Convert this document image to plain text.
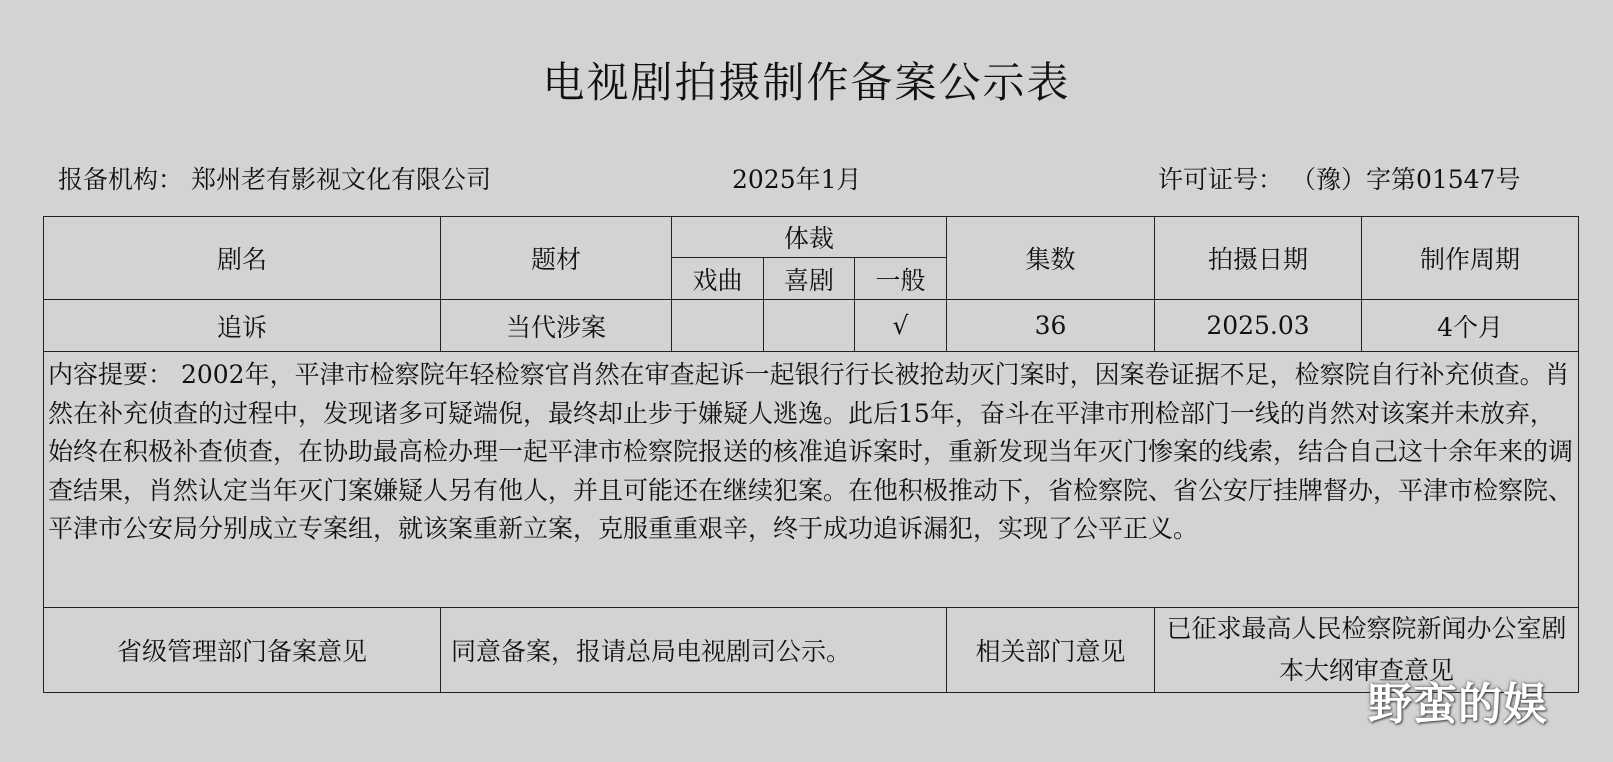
电视剧拍摄制作备案公示表
报备机构： 郑州老有影视文化有限公司	2025年1月	许可证号： （豫）字第01547号
剧名	题材	体裁			集数	拍摄日期	制作周期
		戏曲	喜剧	一般			
追诉	当代涉案			√	36	2025.03	4个月
内容提要： 2002年，平津市检察院年轻检察官肖然在审查起诉一起银行行长被抢劫灭门案时，因案卷证据不足，检察院自行补充侦查。肖然在补充侦查的过程中，发现诸多可疑端倪，最终却止步于嫌疑人逃逸。此后15年，奋斗在平津市刑检部门一线的肖然对该案并未放弃，始终在积极补查侦查，在协助最高检办理一起平津市检察院报送的核准追诉案时，重新发现当年灭门惨案的线索，结合自己这十余年来的调查结果，肖然认定当年灭门案嫌疑人另有他人，并且可能还在继续犯案。在他积极推动下，省检察院、省公安厅挂牌督办，平津市检察院、平津市公安局分别成立专案组，就该案重新立案，克服重重艰辛，终于成功追诉漏犯，实现了公平正义。							
省级管理部门备案意见	同意备案，报请总局电视剧司公示。				相关部门意见	已征求最高人民检察院新闻办公室剧本大纲审查意见	
野蛮的娱
